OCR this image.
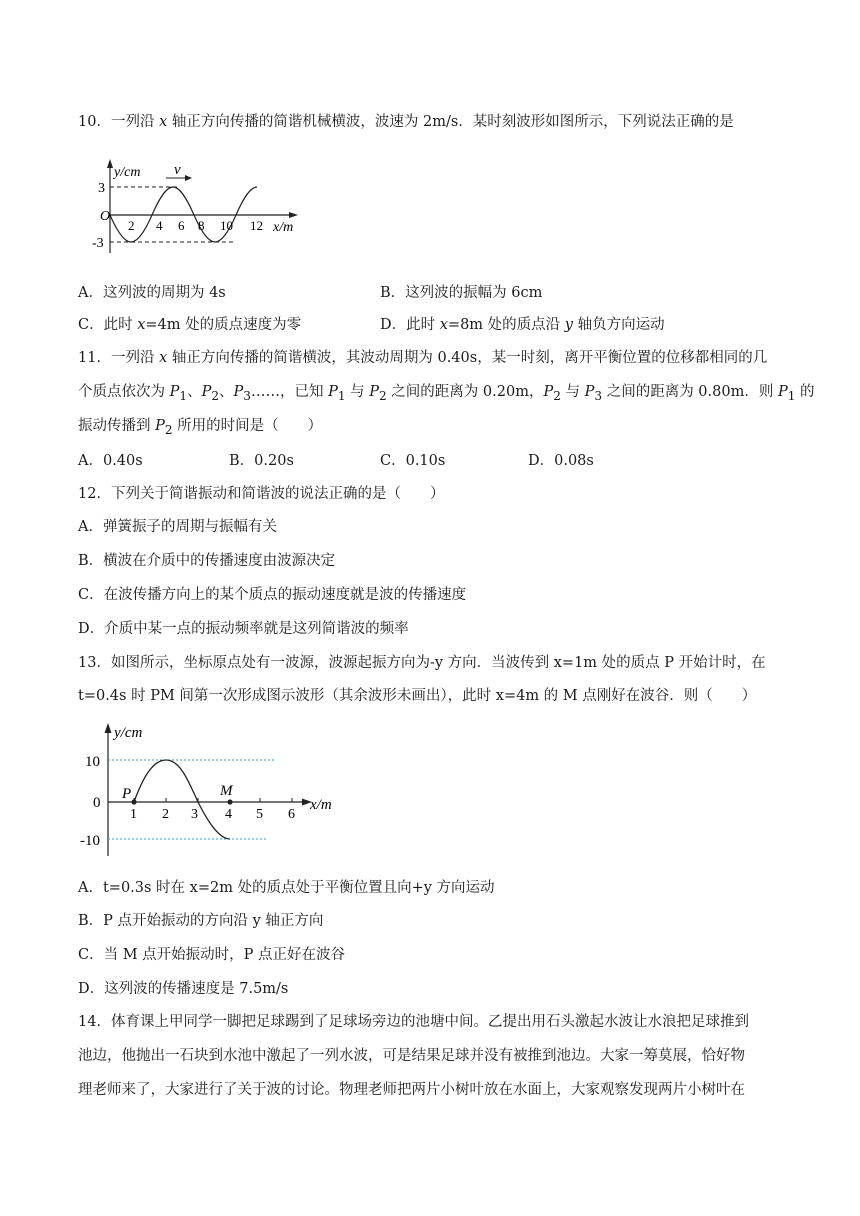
10．一列沿 x 轴正方向传播的简谐机械横波，波速为 2m/s．某时刻波形如图所示，下列说法正确的是
v
y/cm
x/m
O
3
-3
2 4 6 8 10 12
A．这列波的周期为 4s	B．这列波的振幅为 6cm
C．此时 x=4m 处的质点速度为零	D．此时 x=8m 处的质点沿 y 轴负方向运动
11．一列沿 x 轴正方向传播的简谐横波，其波动周期为 0.40s，某一时刻，离开平衡位置的位移都相同的几
个质点依次为 $P_1$、$P_2$、$P_3\dots\dots$，已知 $P_1$ 与 $P_2$ 之间的距离为 0.20m，$P_2$ 与 $P_3$ 之间的距离为 0.80m．则 $P_1$ 的
振动传播到 $P_2$ 所用的时间是（　　）
A．0.40s	B．0.20s	C．0.10s	D．0.08s
12．下列关于简谐振动和简谐波的说法正确的是（　　）
A．弹簧振子的周期与振幅有关
B．横波在介质中的传播速度由波源决定
C．在波传播方向上的某个质点的振动速度就是波的传播速度
D．介质中某一点的振动频率就是这列简谐波的频率
13．如图所示，坐标原点处有一波源，波源起振方向为-y 方向．当波传到 x=1m 处的质点 P 开始计时，在
t=0.4s 时 PM 间第一次形成图示波形（其余波形未画出），此时 x=4m 的 M 点刚好在波谷．则（　　）
y/cm
x/m
P	M
10
0
-10
1 2 3 4 5 6
A．t=0.3s 时在 x=2m 处的质点处于平衡位置且向+y 方向运动
B．P 点开始振动的方向沿 y 轴正方向
C．当 M 点开始振动时，P 点正好在波谷
D．这列波的传播速度是 7.5m/s
14．体育课上甲同学一脚把足球踢到了足球场旁边的池塘中间。乙提出用石头激起水波让水浪把足球推到
池边，他抛出一石块到水池中激起了一列水波，可是结果足球并没有被推到池边。大家一筹莫展，恰好物
理老师来了，大家进行了关于波的讨论。物理老师把两片小树叶放在水面上，大家观察发现两片小树叶在
